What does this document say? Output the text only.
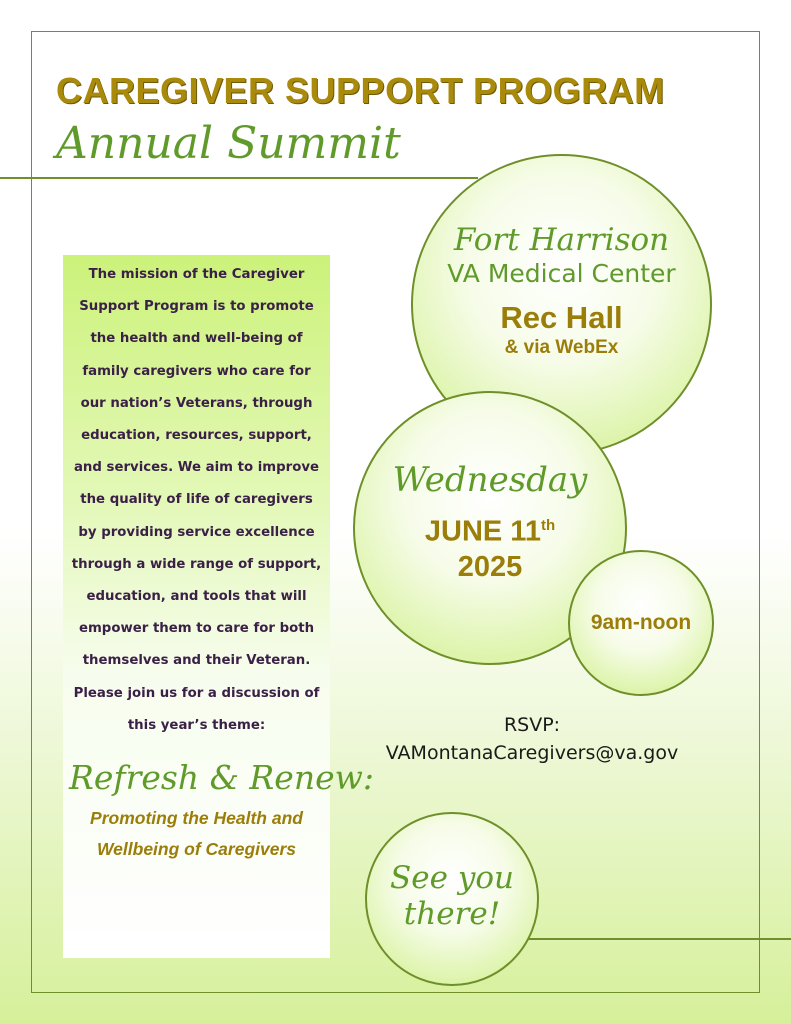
CAREGIVER SUPPORT PROGRAM
Annual Summit

The mission of the Caregiver Support Program is to promote the health and well-being of family caregivers who care for our nation’s Veterans, through education, resources, support, and services. We aim to improve the quality of life of caregivers by providing service excellence through a wide range of support, education, and tools that will empower them to care for both themselves and their Veteran. Please join us for a discussion of this year’s theme:

Refresh & Renew:
Promoting the Health and Wellbeing of Caregivers
Fort Harrison
VA Medical Center
Rec Hall
& via WebEx
Wednesday
JUNE 11th
2025
9am-noon
RSVP:
VAMontanaCaregivers@va.gov
See you
there!
